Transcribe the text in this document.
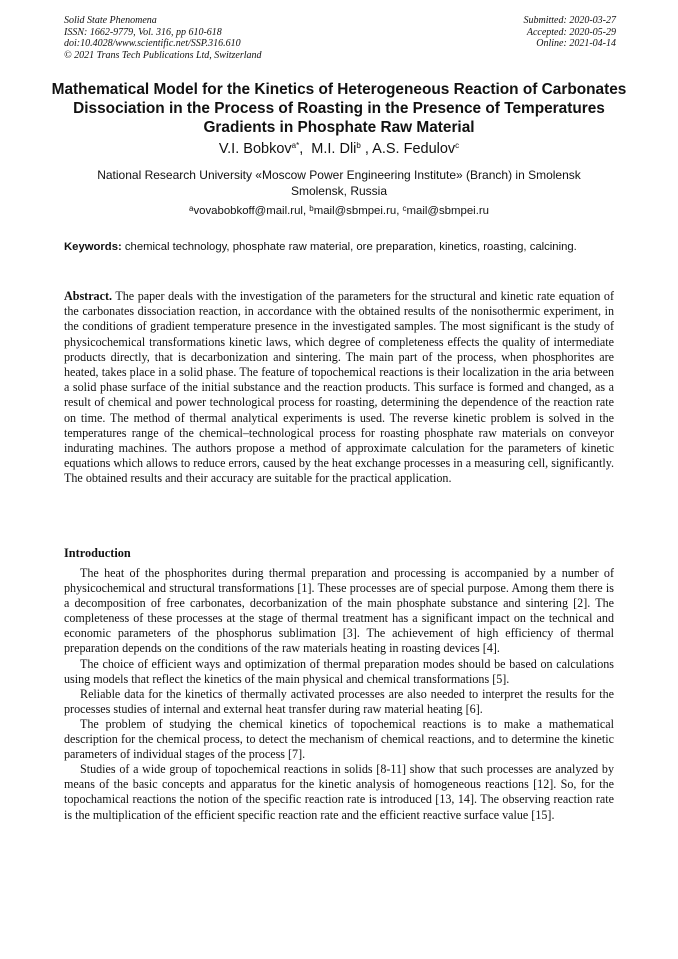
Solid State Phenomena
ISSN: 1662-9779, Vol. 316, pp 610-618
doi:10.4028/www.scientific.net/SSP.316.610
© 2021 Trans Tech Publications Ltd, Switzerland
Submitted: 2020-03-27
Accepted: 2020-05-29
Online: 2021-04-14
Mathematical Model for the Kinetics of Heterogeneous Reaction of Carbonates Dissociation in the Process of Roasting in the Presence of Temperatures Gradients in Phosphate Raw Material
V.I. Bobkov$^{a*}$,  M.I. Dli$^b$ , A.S. Fedulov$^c$
National Research University «Moscow Power Engineering Institute» (Branch) in Smolensk Smolensk, Russia
$^a$vovabobkoff@mail.rul, $^b$mail@sbmpei.ru, $^c$mail@sbmpei.ru
Keywords: chemical technology, phosphate raw material, ore preparation, kinetics, roasting, calcining.
Abstract. The paper deals with the investigation of the parameters for the structural and kinetic rate equation of the carbonates dissociation reaction, in accordance with the obtained results of the nonisothermic experiment, in the conditions of gradient temperature presence in the investigated samples. The most significant is the study of physicochemical transformations kinetic laws, which degree of completeness effects the quality of intermediate products directly, that is decarbonization and sintering. The main part of the process, when phosphorites are heated, takes place in a solid phase. The feature of topochemical reactions is their localization in the aria between a solid phase surface of the initial substance and the reaction products. This surface is formed and changed, as a result of chemical and power technological process for roasting, determining the dependence of the reaction rate on time. The method of thermal analytical experiments is used. The reverse kinetic problem is solved in the temperatures range of the chemical–technological process for roasting phosphate raw materials on conveyor indurating machines. The authors propose a method of approximate calculation for the parameters of kinetic equations which allows to reduce errors, caused by the heat exchange processes in a measuring cell, significantly. The obtained results and their accuracy are suitable for the practical application.
Introduction

The heat of the phosphorites during thermal preparation and processing is accompanied by a number of physicochemical and structural transformations [1]. These processes are of special purpose. Among them there is a decomposition of free carbonates, decorbanization of the main phosphate substance and sintering [2]. The completeness of these processes at the stage of thermal treatment has a significant impact on the technical and economic parameters of the phosphorus sublimation [3]. The achievement of high efficiency of thermal preparation depends on the conditions of the raw materials heating in roasting devices [4].

The choice of efficient ways and optimization of thermal preparation modes should be based on calculations using models that reflect the kinetics of the main physical and chemical transformations [5].

Reliable data for the kinetics of thermally activated processes are also needed to interpret the results for the processes studies of internal and external heat transfer during raw material heating [6].

The problem of studying the chemical kinetics of topochemical reactions is to make a mathematical description for the chemical process, to detect the mechanism of chemical reactions, and to determine the kinetic parameters of individual stages of the process [7].

Studies of a wide group of topochemical reactions in solids [8-11] show that such processes are analyzed by means of the basic concepts and apparatus for the kinetic analysis of homogeneous reactions [12]. So, for the topochamical reactions the notion of the specific reaction rate is introduced [13, 14]. The observing reaction rate is the multiplication of the efficient specific reaction rate and the efficient reactive surface value [15].
